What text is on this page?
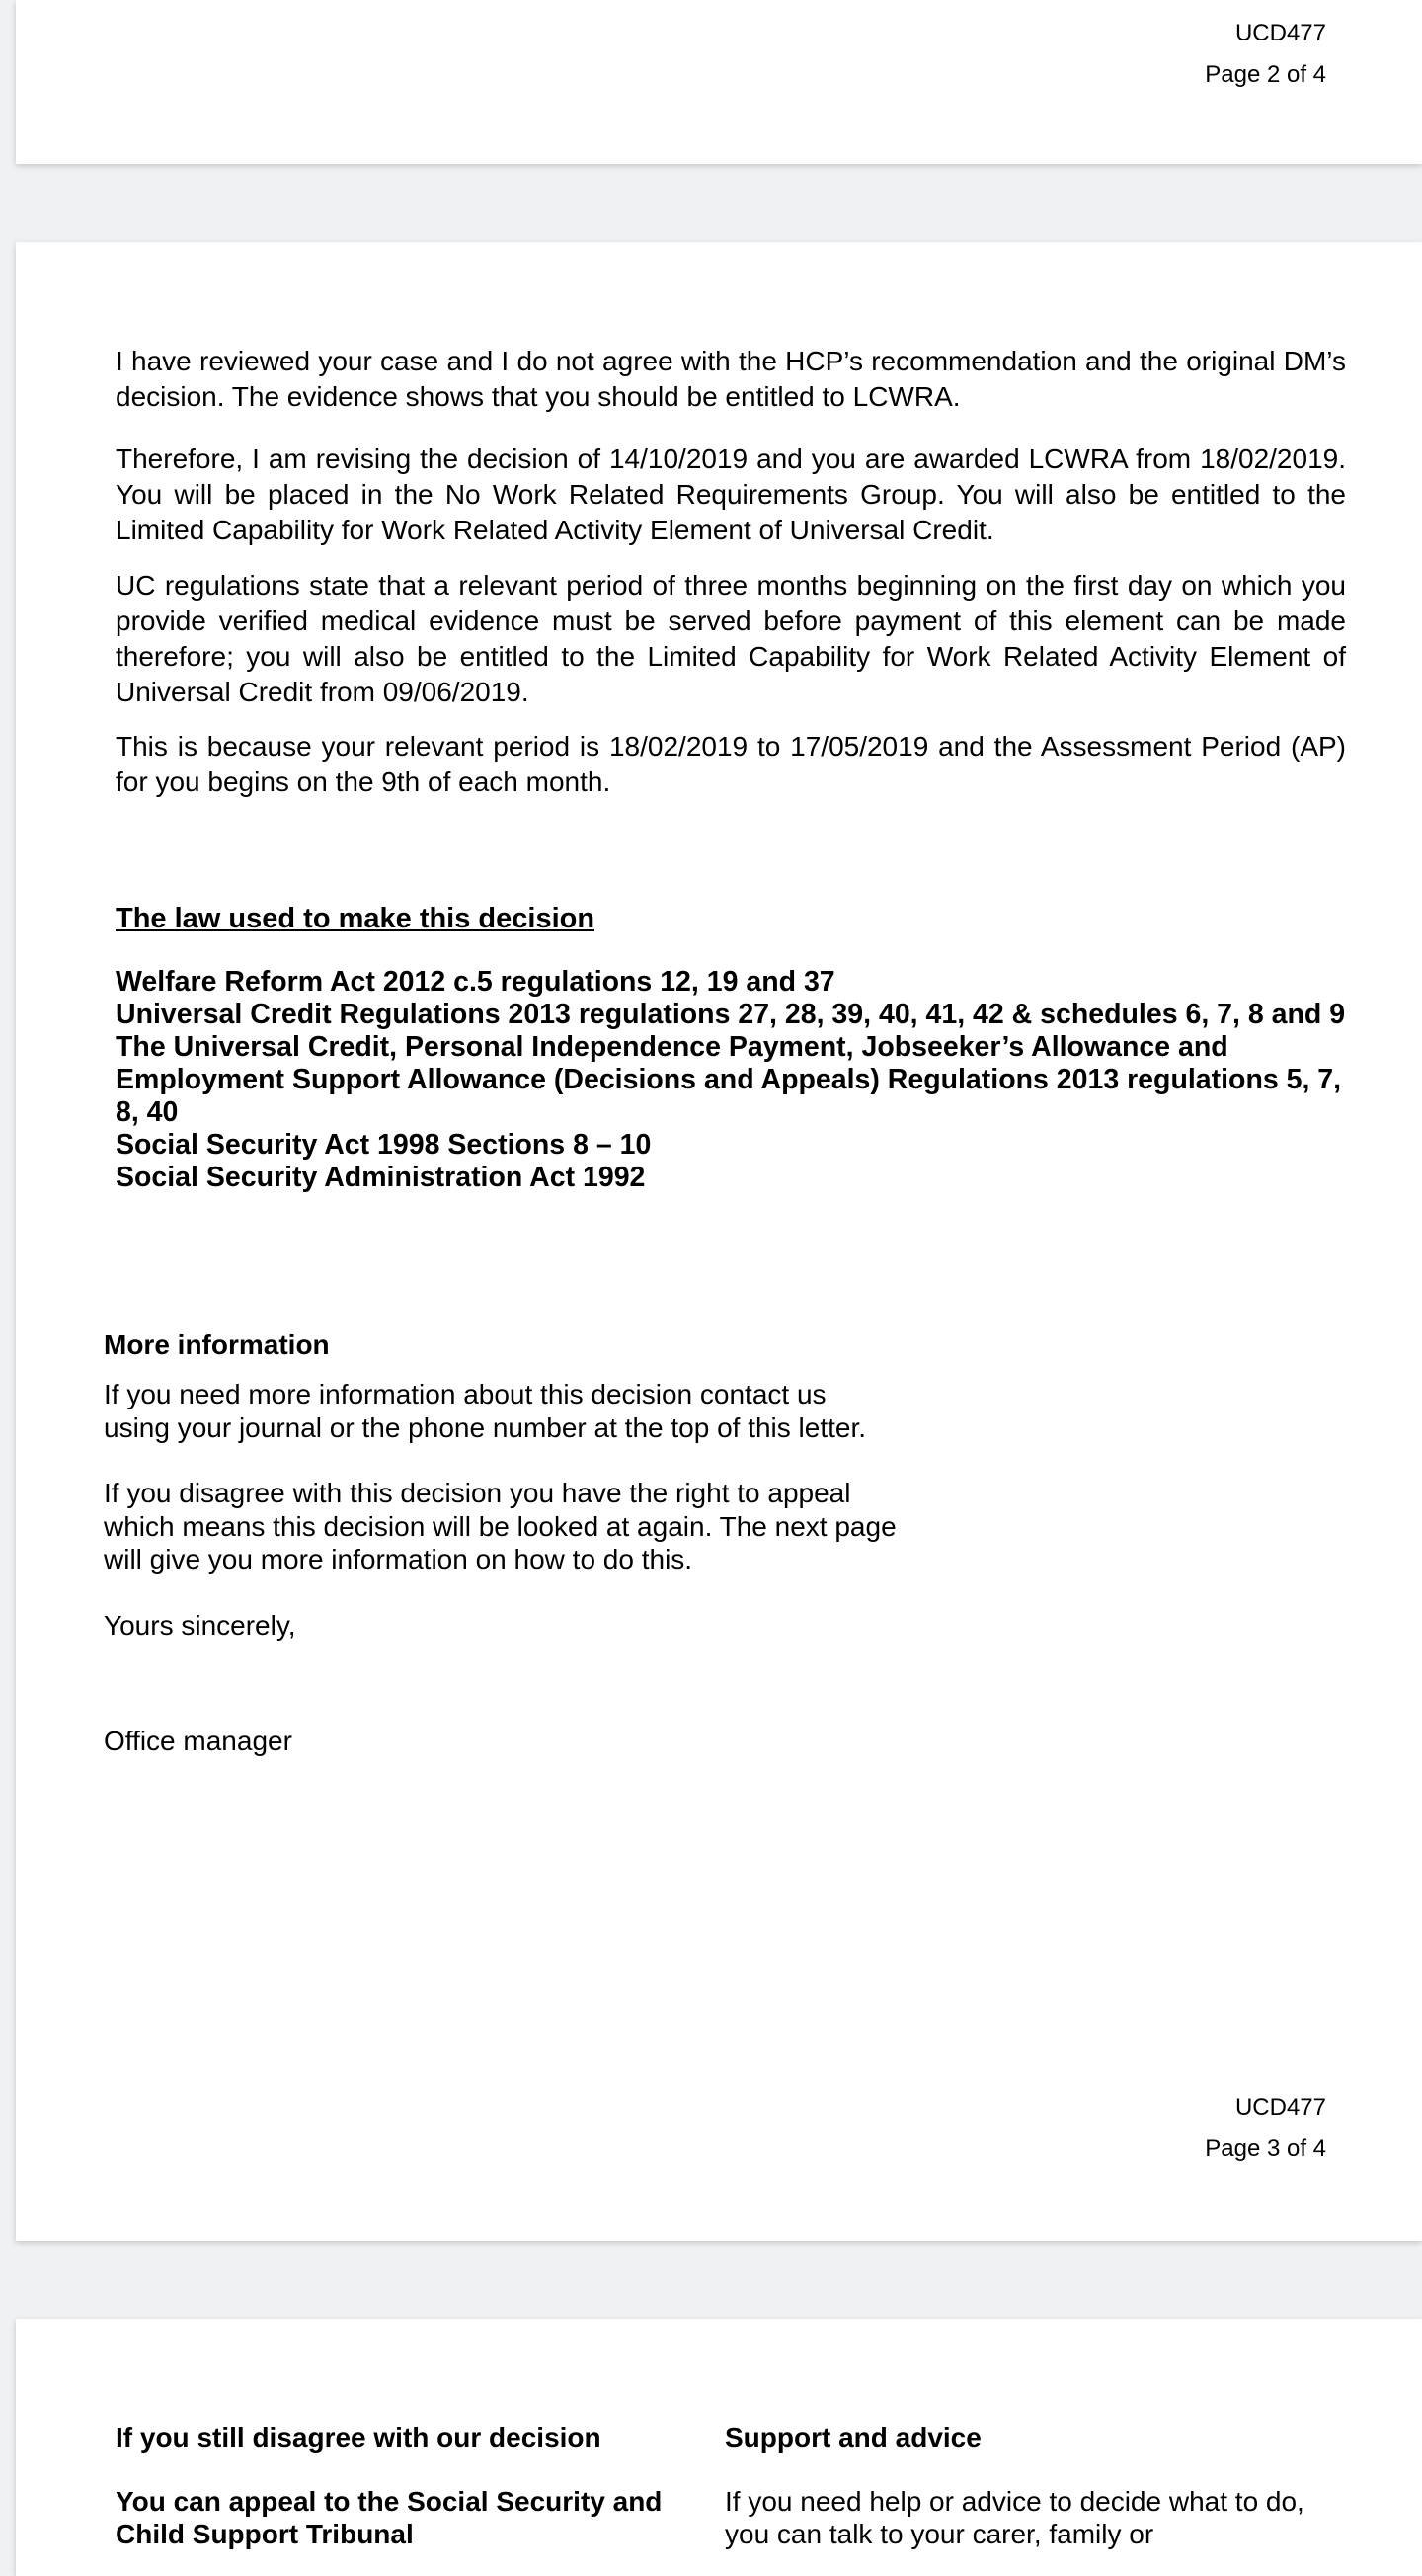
UCD477
Page 2 of 4

I have reviewed your case and I do not agree with the HCP’s recommendation and the original DM’s decision. The evidence shows that you should be entitled to LCWRA.

Therefore, I am revising the decision of 14/10/2019 and you are awarded LCWRA from 18/02/2019. You will be placed in the No Work Related Requirements Group. You will also be entitled to the Limited Capability for Work Related Activity Element of Universal Credit.

UC regulations state that a relevant period of three months beginning on the first day on which you provide verified medical evidence must be served before payment of this element can be made therefore; you will also be entitled to the Limited Capability for Work Related Activity Element of Universal Credit from 09/06/2019.

This is because your relevant period is 18/02/2019 to 17/05/2019 and the Assessment Period (AP) for you begins on the 9th of each month.

The law used to make this decision
Welfare Reform Act 2012 c.5 regulations 12, 19 and 37
Universal Credit Regulations 2013 regulations 27, 28, 39, 40, 41, 42 & schedules 6, 7, 8 and 9
The Universal Credit, Personal Independence Payment, Jobseeker’s Allowance and Employment Support Allowance (Decisions and Appeals) Regulations 2013 regulations 5, 7, 8, 40
Social Security Act 1998 Sections 8 – 10
Social Security Administration Act 1992
More information

If you need more information about this decision contact us
using your journal or the phone number at the top of this letter.

If you disagree with this decision you have the right to appeal
which means this decision will be looked at again. The next page
will give you more information on how to do this.

Yours sincerely,

Office manager

UCD477
Page 3 of 4
If you still disagree with our decision
You can appeal to the Social Security and Child Support Tribunal
Support and advice

If you need help or advice to decide what to do, you can talk to your carer, family or
